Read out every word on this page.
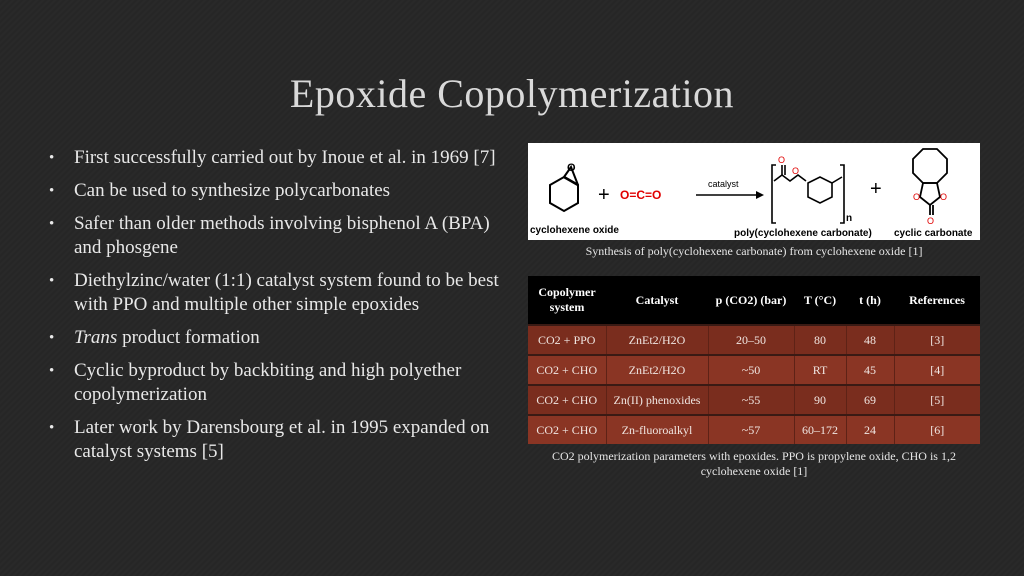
Epoxide Copolymerization
• First successfully carried out by Inoue et al. in 1969 [7]
• Can be used to synthesize polycarbonates
• Safer than older methods involving bisphenol A (BPA) and phosgene
• Diethylzinc/water (1:1) catalyst system found to be best with PPO and multiple other simple epoxides
• Trans product formation
• Cyclic byproduct by backbiting and high polyether copolymerization
• Later work by Darensbourg et al. in 1995 expanded on catalyst systems [5]
O
cyclohexene oxide
+ O=C=O
catalyst
O
O
n
poly(cyclohexene carbonate)
+	O O
O
cyclic carbonate
Synthesis of poly(cyclohexene carbonate) from cyclohexene oxide [1]
Copolymer system	Catalyst	p (CO2) (bar)	T (°C)	t (h)	References
CO2 + PPO	ZnEt2/H2O	20–50	80	48	[3]
CO2 + CHO	ZnEt2/H2O	~50	RT	45	[4]
CO2 + CHO	Zn(II) phenoxides	~55	90	69	[5]
CO2 + CHO	Zn-fluoroalkyl	~57	60–172	24	[6]
CO2 polymerization parameters with epoxides. PPO is propylene oxide, CHO is 1,2 cyclohexene oxide [1]
